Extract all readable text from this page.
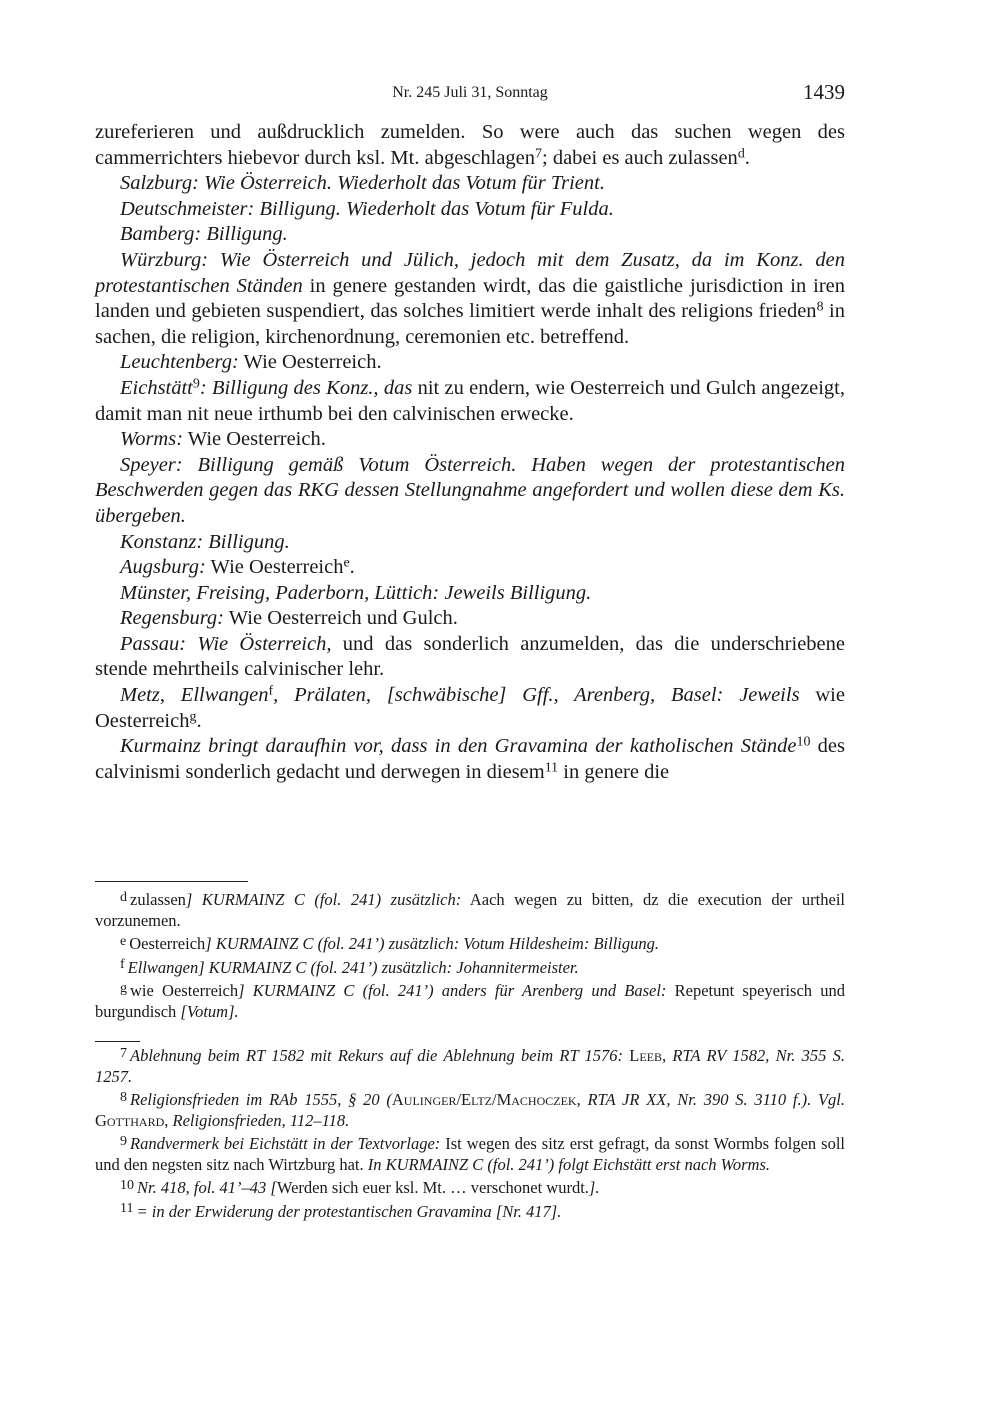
Nr. 245 Juli 31, Sonntag	1439

zureferieren und außdrucklich zumelden. So were auch das suchen wegen des cammerrichters hiebevor durch ksl. Mt. abgeschlagen$^7$; dabei es auch zulassen$^d$.

Salzburg: Wie Österreich. Wiederholt das Votum für Trient.

Deutschmeister: Billigung. Wiederholt das Votum für Fulda.

Bamberg: Billigung.

Würzburg: Wie Österreich und Jülich, jedoch mit dem Zusatz, da im Konz. den protestantischen Ständen in genere gestanden wirdt, das die gaistliche jurisdiction in iren landen und gebieten suspendiert, das solches limitiert werde inhalt des religions frieden$^8$ in sachen, die religion, kirchenordnung, ceremonien etc. betreffend.

Leuchtenberg: Wie Oesterreich.

Eichstätt$^9$: Billigung des Konz., das nit zu endern, wie Oesterreich und Gulch angezeigt, damit man nit neue irthumb bei den calvinischen erwecke.

Worms: Wie Oesterreich.

Speyer: Billigung gemäß Votum Österreich. Haben wegen der protestantischen Beschwerden gegen das RKG dessen Stellungnahme angefordert und wollen diese dem Ks. übergeben.

Konstanz: Billigung.

Augsburg: Wie Oesterreich$^e$.

Münster, Freising, Paderborn, Lüttich: Jeweils Billigung.

Regensburg: Wie Oesterreich und Gulch.

Passau: Wie Österreich, und das sonderlich anzumelden, das die underschriebene stende mehrtheils calvinischer lehr.

Metz, Ellwangen$^f$, Prälaten, [schwäbische] Gff., Arenberg, Basel: Jeweils wie Oesterreich$^g$.

Kurmainz bringt daraufhin vor, dass in den Gravamina der katholischen Stände$^{10}$ des calvinismi sonderlich gedacht und derwegen in diesem$^{11}$ in genere die

$^d$ zulassen] KURMAINZ C (fol. 241) zusätzlich: Aach wegen zu bitten, dz die execution der urtheil vorzunemen.

$^e$ Oesterreich] KURMAINZ C (fol. 241’) zusätzlich: Votum Hildesheim: Billigung.

$^f$ Ellwangen] KURMAINZ C (fol. 241’) zusätzlich: Johannitermeister.

$^g$ wie Oesterreich] KURMAINZ C (fol. 241’) anders für Arenberg und Basel: Repetunt speyerisch und burgundisch [Votum].

$^7$ Ablehnung beim RT 1582 mit Rekurs auf die Ablehnung beim RT 1576: Leeb, RTA RV 1582, Nr. 355 S. 1257.

$^8$ Religionsfrieden im RAb 1555, § 20 (Aulinger/Eltz/Machoczek, RTA JR XX, Nr. 390 S. 3110 f.). Vgl. Gotthard, Religionsfrieden, 112–118.

$^9$ Randvermerk bei Eichstätt in der Textvorlage: Ist wegen des sitz erst gefragt, da sonst Wormbs folgen soll und den negsten sitz nach Wirtzburg hat. In KURMAINZ C (fol. 241’) folgt Eichstätt erst nach Worms.

$^{10}$ Nr. 418, fol. 41’–43 [Werden sich euer ksl. Mt. … verschonet wurdt.].

$^{11}$ = in der Erwiderung der protestantischen Gravamina [Nr. 417].
